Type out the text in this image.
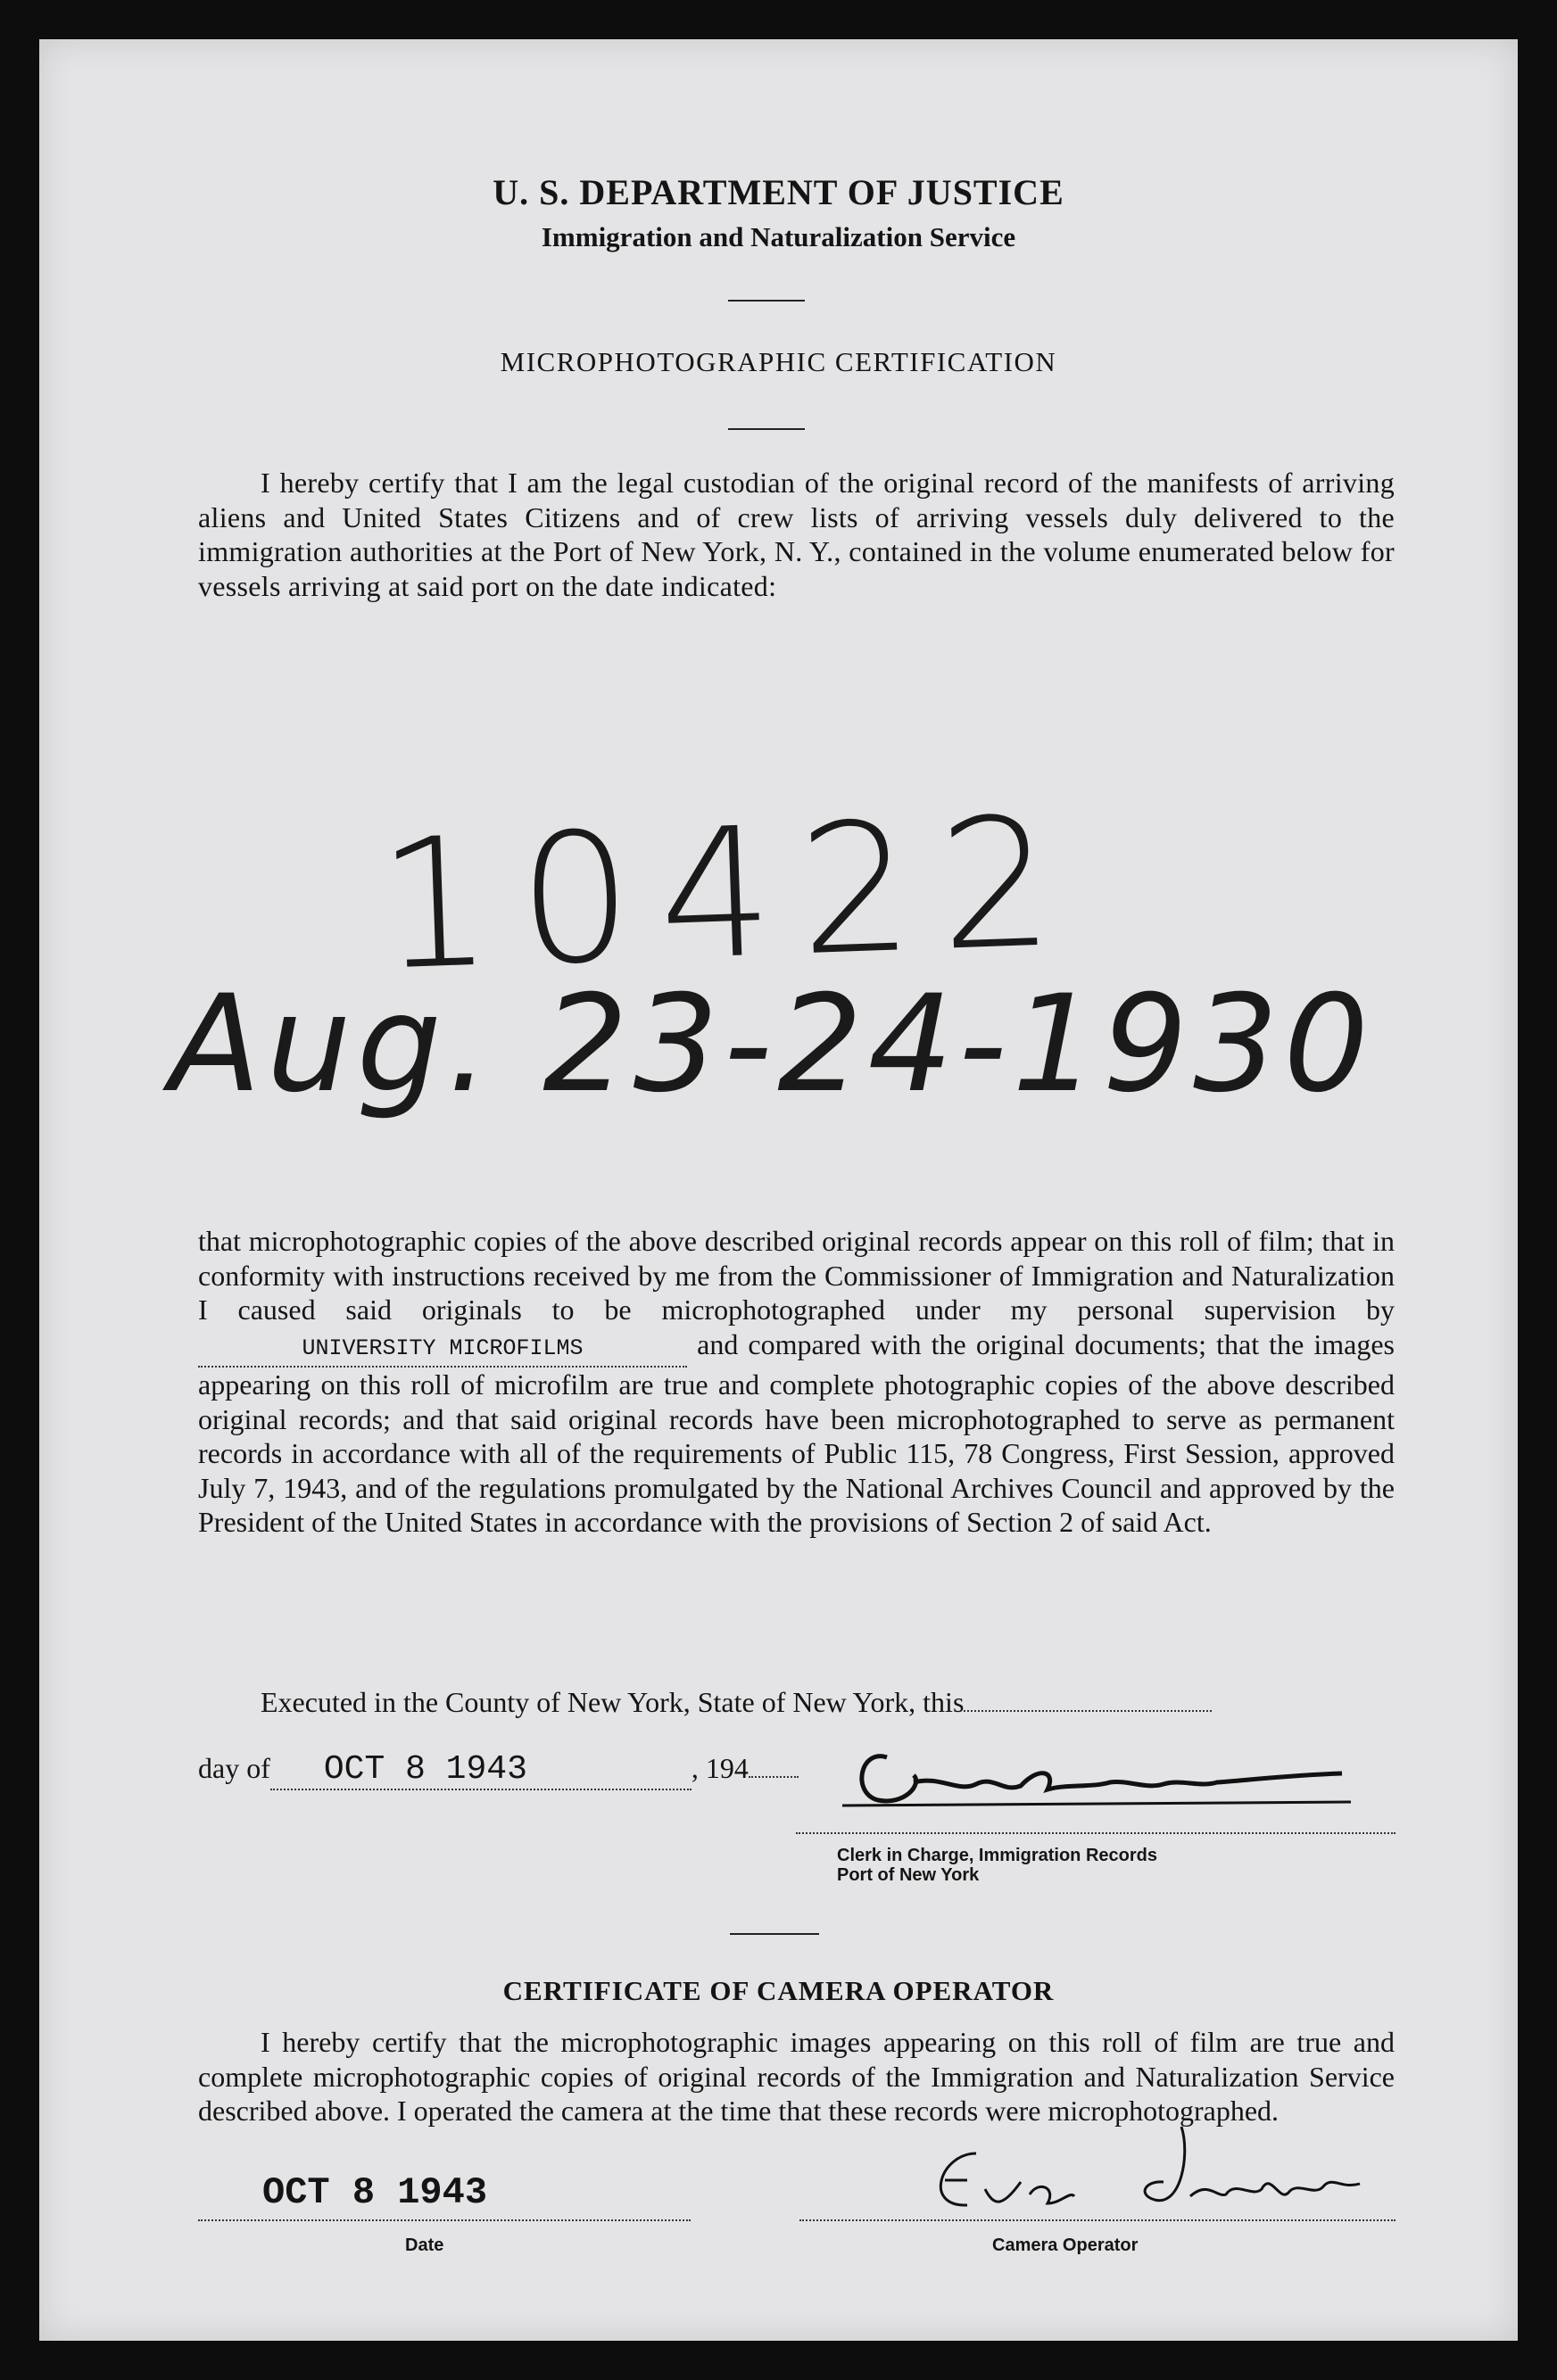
U. S. DEPARTMENT OF JUSTICE
Immigration and Naturalization Service
MICROPHOTOGRAPHIC CERTIFICATION
I hereby certify that I am the legal custodian of the original record of the manifests of arriving aliens and United States Citizens and of crew lists of arriving vessels duly delivered to the immigration authorities at the Port of New York, N. Y., contained in the volume enumerated below for vessels arriving at said port on the date indicated:
10422
Aug. 23-24-1930
that microphotographic copies of the above described original records appear on this roll of film; that in conformity with instructions received by me from the Commissioner of Immigration and Naturalization I caused said originals to be microphotographed under my personal supervision by UNIVERSITY MICROFILMS	and compared with the original documents; that the images appearing on this roll of microfilm are true and complete photographic copies of the above described original records; and that said original records have been microphotographed to serve as permanent records in accordance with all of the requirements of Public 115, 78 Congress, First Session, approved July 7, 1943, and of the regulations promulgated by the National Archives Council and approved by the President of the United States in accordance with the provisions of Section 2 of said Act.
Executed in the County of New York, State of New York, this
day of OCT 8 1943	, 194
Clerk in Charge, Immigration Records
Port of New York
CERTIFICATE OF CAMERA OPERATOR
I hereby certify that the microphotographic images appearing on this roll of film are true and complete microphotographic copies of original records of the Immigration and Naturalization Service described above. I operated the camera at the time that these records were microphotographed.
OCT 8 1943
Date	Camera Operator
